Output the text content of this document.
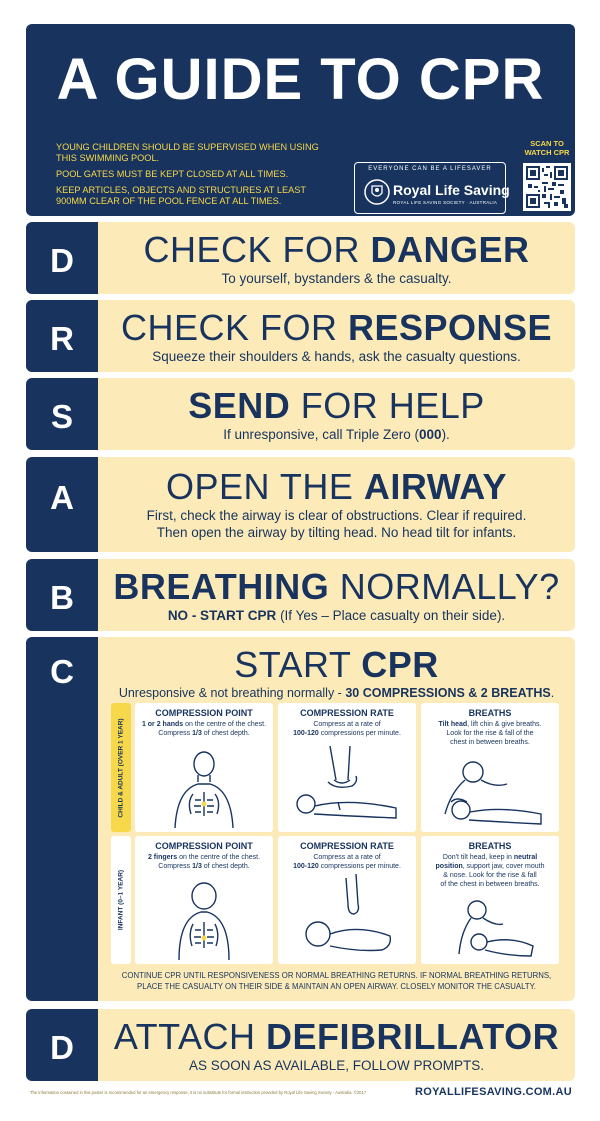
A GUIDE TO CPR

YOUNG CHILDREN SHOULD BE SUPERVISED WHEN USING THIS SWIMMING POOL.

POOL GATES MUST BE KEPT CLOSED AT ALL TIMES.

KEEP ARTICLES, OBJECTS AND STRUCTURES AT LEAST 900MM CLEAR OF THE POOL FENCE AT ALL TIMES.

EVERYONE CAN BE A LIFESAVER
Royal Life Saving
ROYAL LIFE SAVING SOCIETY · AUSTRALIA
SCAN TO WATCH CPR
D	CHECK FOR DANGER
To yourself, bystanders & the casualty.
R	CHECK FOR RESPONSE
Squeeze their shoulders & hands, ask the casualty questions.
S	SEND FOR HELP
If unresponsive, call Triple Zero (000).
A	OPEN THE AIRWAY
First, check the airway is clear of obstructions. Clear if required.
Then open the airway by tilting head. No head tilt for infants.
B	BREATHING NORMALLY?
NO - START CPR (If Yes – Place casualty on their side).
C	START CPR
Unresponsive & not breathing normally - 30 COMPRESSIONS & 2 BREATHS.
CHILD & ADULT (OVER 1 YEAR)
COMPRESSION POINT
1 or 2 hands on the centre of the chest.
Compress 1/3 of chest depth.
COMPRESSION RATE
Compress at a rate of
100-120 compressions per minute.
BREATHS
Tilt head, lift chin & give breaths.
Look for the rise & fall of the
chest in between breaths.
INFANT (0–1 YEAR)
COMPRESSION POINT
2 fingers on the centre of the chest.
Compress 1/3 of chest depth.
COMPRESSION RATE
Compress at a rate of
100-120 compressions per minute.
BREATHS
Don't tilt head, keep in neutral
position, support jaw, cover mouth
& nose. Look for the rise & fall
of the chest in between breaths.
CONTINUE CPR UNTIL RESPONSIVENESS OR NORMAL BREATHING RETURNS. IF NORMAL BREATHING RETURNS,
PLACE THE CASUALTY ON THEIR SIDE & MAINTAIN AN OPEN AIRWAY. CLOSELY MONITOR THE CASUALTY.
D	ATTACH DEFIBRILLATOR
AS SOON AS AVAILABLE, FOLLOW PROMPTS.
The information contained in this poster is recommended for an emergency response, it is no substitute for formal instruction provided by Royal Life Saving Society - Australia. ©2017	ROYALLIFESAVING.COM.AU
